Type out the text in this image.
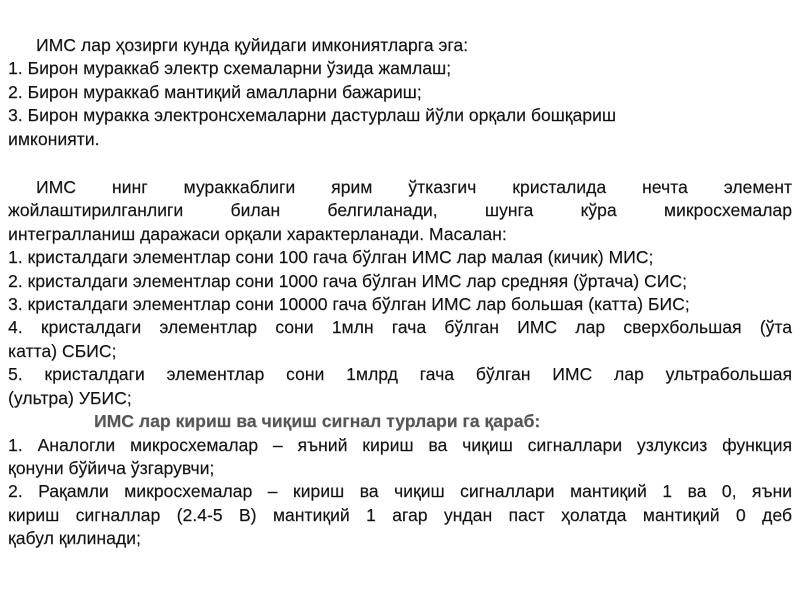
ИМС лар ҳозирги кунда қуйидаги имкониятларга эга:
1. Бирон мураккаб электр схемаларни ўзида жамлаш;
2. Бирон мураккаб мантиқий амалларни бажариш;
3. Бирон муракка электронсхемаларни дастурлаш йўли орқали бошқариш
имконияти.
ИМС нинг мураккаблиги ярим ўтказгич кристалида нечта элемент
жойлаштирилганлиги билан белгиланади, шунга кўра микросхемалар
интегралланиш даражаси орқали характерланади. Масалан:
1. кристалдаги элементлар сони 100 гача бўлган ИМС лар малая (кичик) МИС;
2. кристалдаги элементлар сони 1000 гача бўлган ИМС лар средняя (ўртача) СИС;
3. кристалдаги элементлар сони 10000 гача бўлган ИМС лар большая (катта) БИС;
4. кристалдаги элементлар сони 1млн гача бўлган ИМС лар сверхбольшая (ўта
катта) СБИС;
5. кристалдаги элементлар сони 1млрд гача бўлган ИМС лар ультрабольшая
(ультра) УБИС;
ИМС лар кириш ва чиқиш сигнал турлари га қараб:
1. Аналогли микросхемалар – яъний кириш ва чиқиш сигналлари узлуксиз функция
қонуни бўйича ўзгарувчи;
2. Рақамли микросхемалар – кириш ва чиқиш сигналлари мантиқий 1 ва 0, яъни
кириш сигналлар (2.4-5 В) мантиқий 1 агар ундан паст ҳолатда мантиқий 0 деб
қабул қилинади;
